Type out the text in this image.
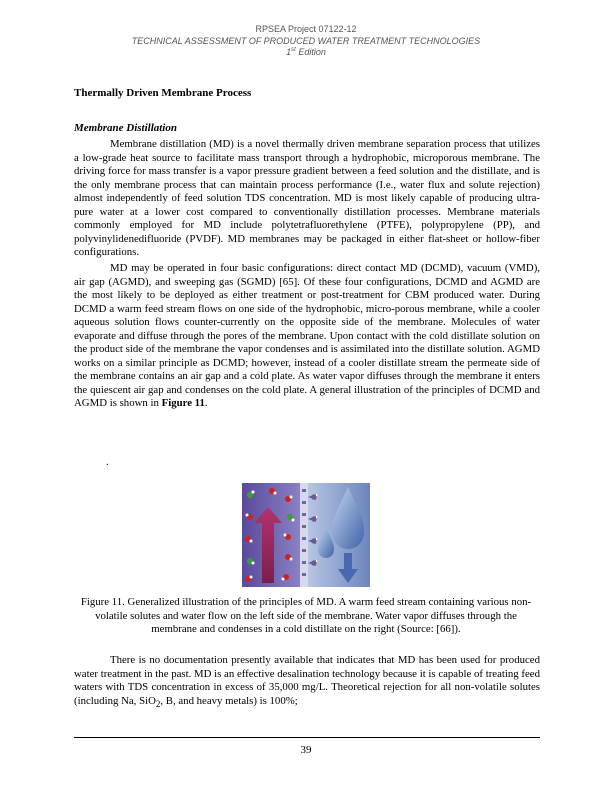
RPSEA Project 07122-12
TECHNICAL ASSESSMENT OF PRODUCED WATER TREATMENT TECHNOLOGIES
1st Edition

Thermally Driven Membrane Process

Membrane Distillation

Membrane distillation (MD) is a novel thermally driven membrane separation process that utilizes a low-grade heat source to facilitate mass transport through a hydrophobic, microporous membrane. The driving force for mass transfer is a vapor pressure gradient between a feed solution and the distillate, and is the only membrane process that can maintain process performance (I.e., water flux and solute rejection) almost independently of feed solution TDS concentration. MD is most likely capable of producing ultra-pure water at a lower cost compared to conventionally distillation processes. Membrane materials commonly employed for MD include polytetrafluorethylene (PTFE), polypropylene (PP), and polyvinylidenedifluoride (PVDF). MD membranes may be packaged in either flat-sheet or hollow-fiber configurations.

MD may be operated in four basic configurations: direct contact MD (DCMD), vacuum (VMD), air gap (AGMD), and sweeping gas (SGMD) [65]. Of these four configurations, DCMD and AGMD are the most likely to be deployed as either treatment or post-treatment for CBM produced water. During DCMD a warm feed stream flows on one side of the hydrophobic, micro-porous membrane, while a cooler aqueous solution flows counter-currently on the opposite side of the membrane. Molecules of water evaporate and diffuse through the pores of the membrane. Upon contact with the cold distillate solution on the product side of the membrane the vapor condenses and is assimilated into the distillate solution. AGMD works on a similar principle as DCMD; however, instead of a cooler distillate stream the permeate side of the membrane contains an air gap and a cold plate. As water vapor diffuses through the membrane it enters the quiescent air gap and condenses on the cold plate. A general illustration of the principles of DCMD and AGMD is shown in Figure 11.

.

Figure 11. Generalized illustration of the principles of MD. A warm feed stream containing various non-volatile solutes and water flow on the left side of the membrane. Water vapor diffuses through the membrane and condenses in a cold distillate on the right (Source: [66]).

There is no documentation presently available that indicates that MD has been used for produced water treatment in the past. MD is an effective desalination technology because it is capable of treating feed waters with TDS concentration in excess of 35,000 mg/L. Theoretical rejection for all non-volatile solutes (including Na, SiO$_2$, B, and heavy metals) is 100%;

39
